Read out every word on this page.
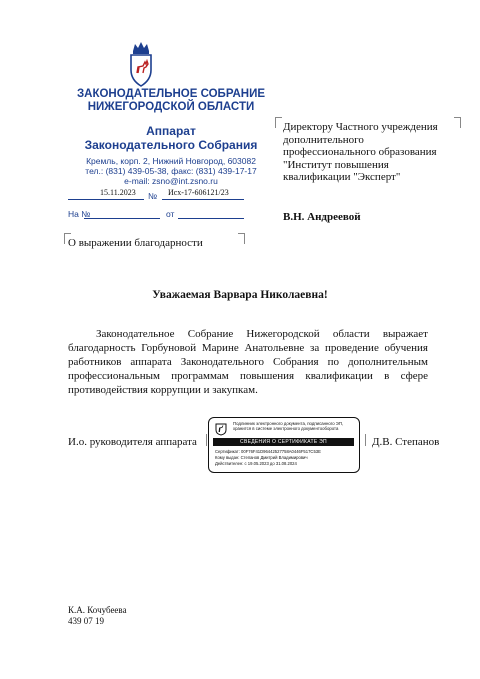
ЗАКОНОДАТЕЛЬНОЕ СОБРАНИЕ
НИЖЕГОРОДСКОЙ ОБЛАСТИ
Аппарат
Законодательного Собрания
Кремль, корп. 2, Нижний Новгород, 603082
тел.: (831) 439-05-38, факс: (831) 439-17-17
e-mail: zsno@int.zsno.ru
15.11.2023 № Исх-17-606121/23
На №	от
О выражении благодарности
Директору Частного учреждения
дополнительного
профессионального образования
"Институт повышения
квалификации "Эксперт"
В.Н. Андреевой
Уважаемая Варвара Николаевна!
Законодательное Собрание Нижегородской области выражает благодарность Горбуновой Марине Анатольевне за проведение обучения работников аппарата Законодательного Собрания по дополнительным профессиональным программам повышения квалификации в сфере противодействия коррупции и закупкам.
И.о. руководителя аппарата	Д.В. Степанов
Подлинник электронного документа, подписанного ЭП, хранится в системе электронного документооборота
СВЕДЕНИЯ О СЕРТИФИКАТЕ ЭП
Сертификат: 00F76F41D96442527758A0446F517C53E
Кому выдан: Степанов Дмитрий Владимирович
Действителен: с 19.05.2023 до 31.08.2024
К.А. Кочубеева
439 07 19
